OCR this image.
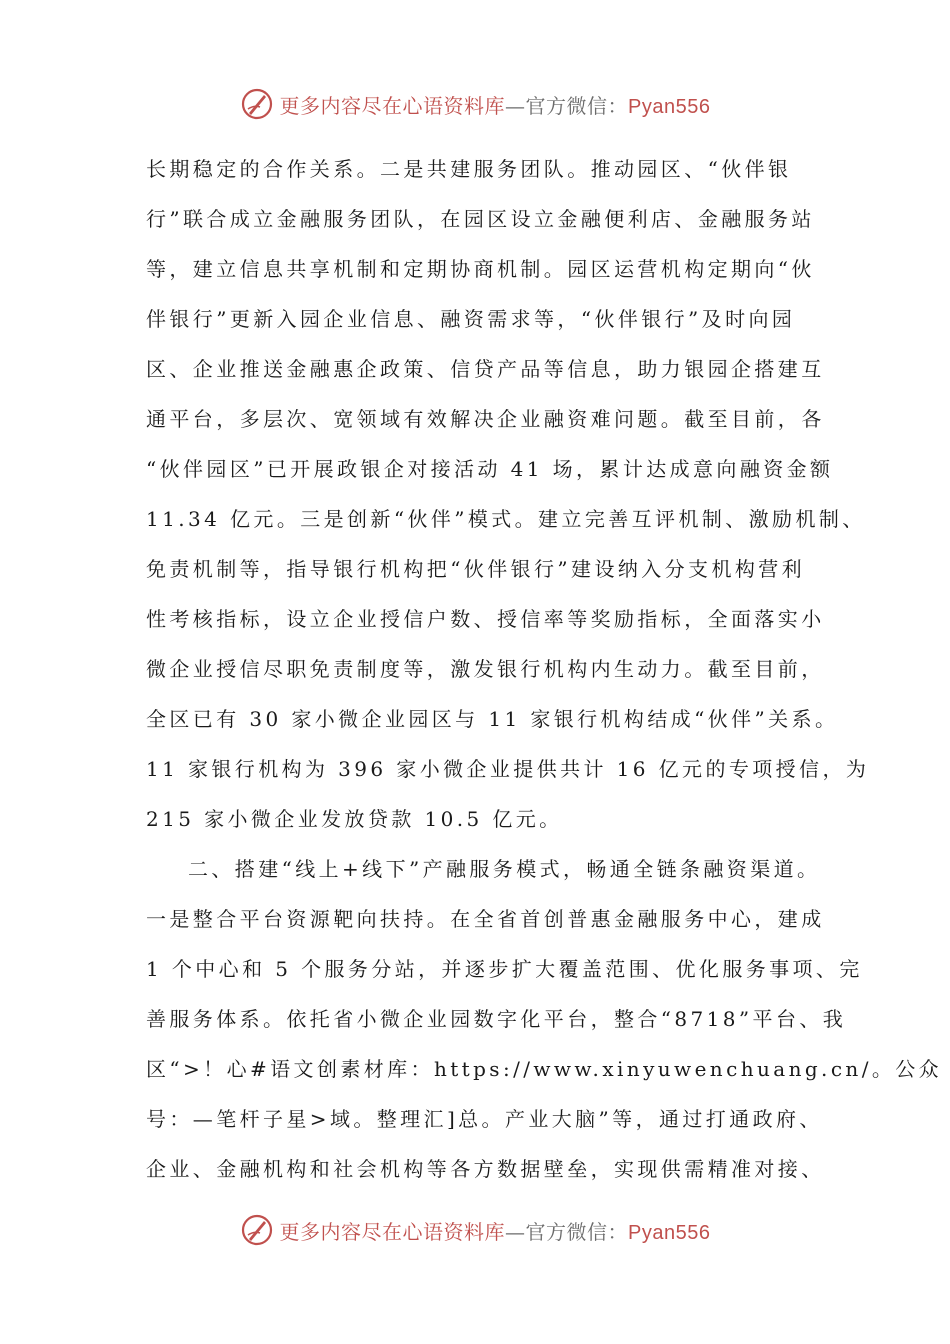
更多内容尽在心语资料库—官方微信：Pyan556
长期稳定的合作关系。二是共建服务团队。推动园区、“伙伴银
行”联合成立金融服务团队，在园区设立金融便利店、金融服务站
等，建立信息共享机制和定期协商机制。园区运营机构定期向“伙
伴银行”更新入园企业信息、融资需求等，“伙伴银行”及时向园
区、企业推送金融惠企政策、信贷产品等信息，助力银园企搭建互
通平台，多层次、宽领域有效解决企业融资难问题。截至目前，各
“伙伴园区”已开展政银企对接活动 41 场，累计达成意向融资金额
11.34 亿元。三是创新“伙伴”模式。建立完善互评机制、激励机制、
免责机制等，指导银行机构把“伙伴银行”建设纳入分支机构营利
性考核指标，设立企业授信户数、授信率等奖励指标，全面落实小
微企业授信尽职免责制度等，激发银行机构内生动力。截至目前，
全区已有 30 家小微企业园区与 11 家银行机构结成“伙伴”关系。
11 家银行机构为 396 家小微企业提供共计 16 亿元的专项授信，为
215 家小微企业发放贷款 10.5 亿元。
二、搭建“线上+线下”产融服务模式，畅通全链条融资渠道。
一是整合平台资源靶向扶持。在全省首创普惠金融服务中心，建成
1 个中心和 5 个服务分站，并逐步扩大覆盖范围、优化服务事项、完
善服务体系。依托省小微企业园数字化平台，整合“8718”平台、我
区“>！心#语文创素材库：https://www.xinyuwenchuang.cn/。公众
号：—笔杆子星>域。整理汇]总。产业大脑”等，通过打通政府、
企业、金融机构和社会机构等各方数据壁垒，实现供需精准对接、
更多内容尽在心语资料库—官方微信：Pyan556
